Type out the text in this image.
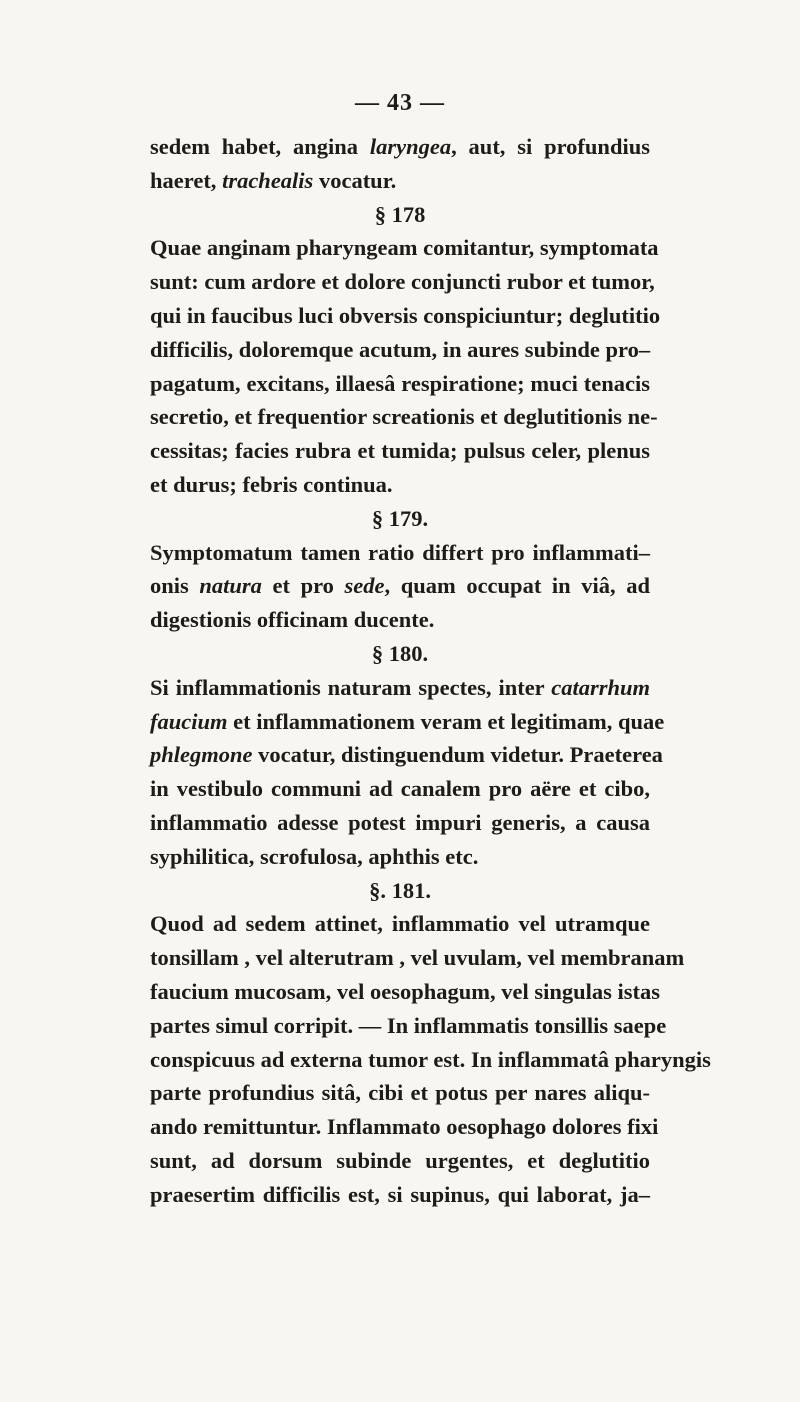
— 43 —
sedem habet, angina laryngea, aut, si profundius
haeret, trachealis vocatur.
§ 178
Quae anginam pharyngeam comitantur, symptomata
sunt: cum ardore et dolore conjuncti rubor et tumor,
qui in faucibus luci obversis conspiciuntur; deglutitio
difficilis, doloremque acutum, in aures subinde pro–
pagatum, excitans, illaesâ respiratione; muci tenacis
secretio, et frequentior screationis et deglutitionis ne-
cessitas; facies rubra et tumida; pulsus celer, plenus
et durus; febris continua.
§ 179.
Symptomatum tamen ratio differt pro inflammati–
onis natura et pro sede, quam occupat in viâ, ad
digestionis officinam ducente.
§ 180.
Si inflammationis naturam spectes, inter catarrhum
faucium et inflammationem veram et legitimam, quae
phlegmone vocatur, distinguendum videtur. Praeterea
in vestibulo communi ad canalem pro aëre et cibo,
inflammatio adesse potest impuri generis, a causa
syphilitica, scrofulosa, aphthis etc.
§. 181.
Quod ad sedem attinet, inflammatio vel utramque
tonsillam , vel alterutram , vel uvulam, vel membranam
faucium mucosam, vel oesophagum, vel singulas istas
partes simul corripit. — In inflammatis tonsillis saepe
conspicuus ad externa tumor est. In inflammatâ pharyngis
parte profundius sitâ, cibi et potus per nares aliqu-
ando remittuntur. Inflammato oesophago dolores fixi
sunt, ad dorsum subinde urgentes, et deglutitio
praesertim difficilis est, si supinus, qui laborat, ja–
